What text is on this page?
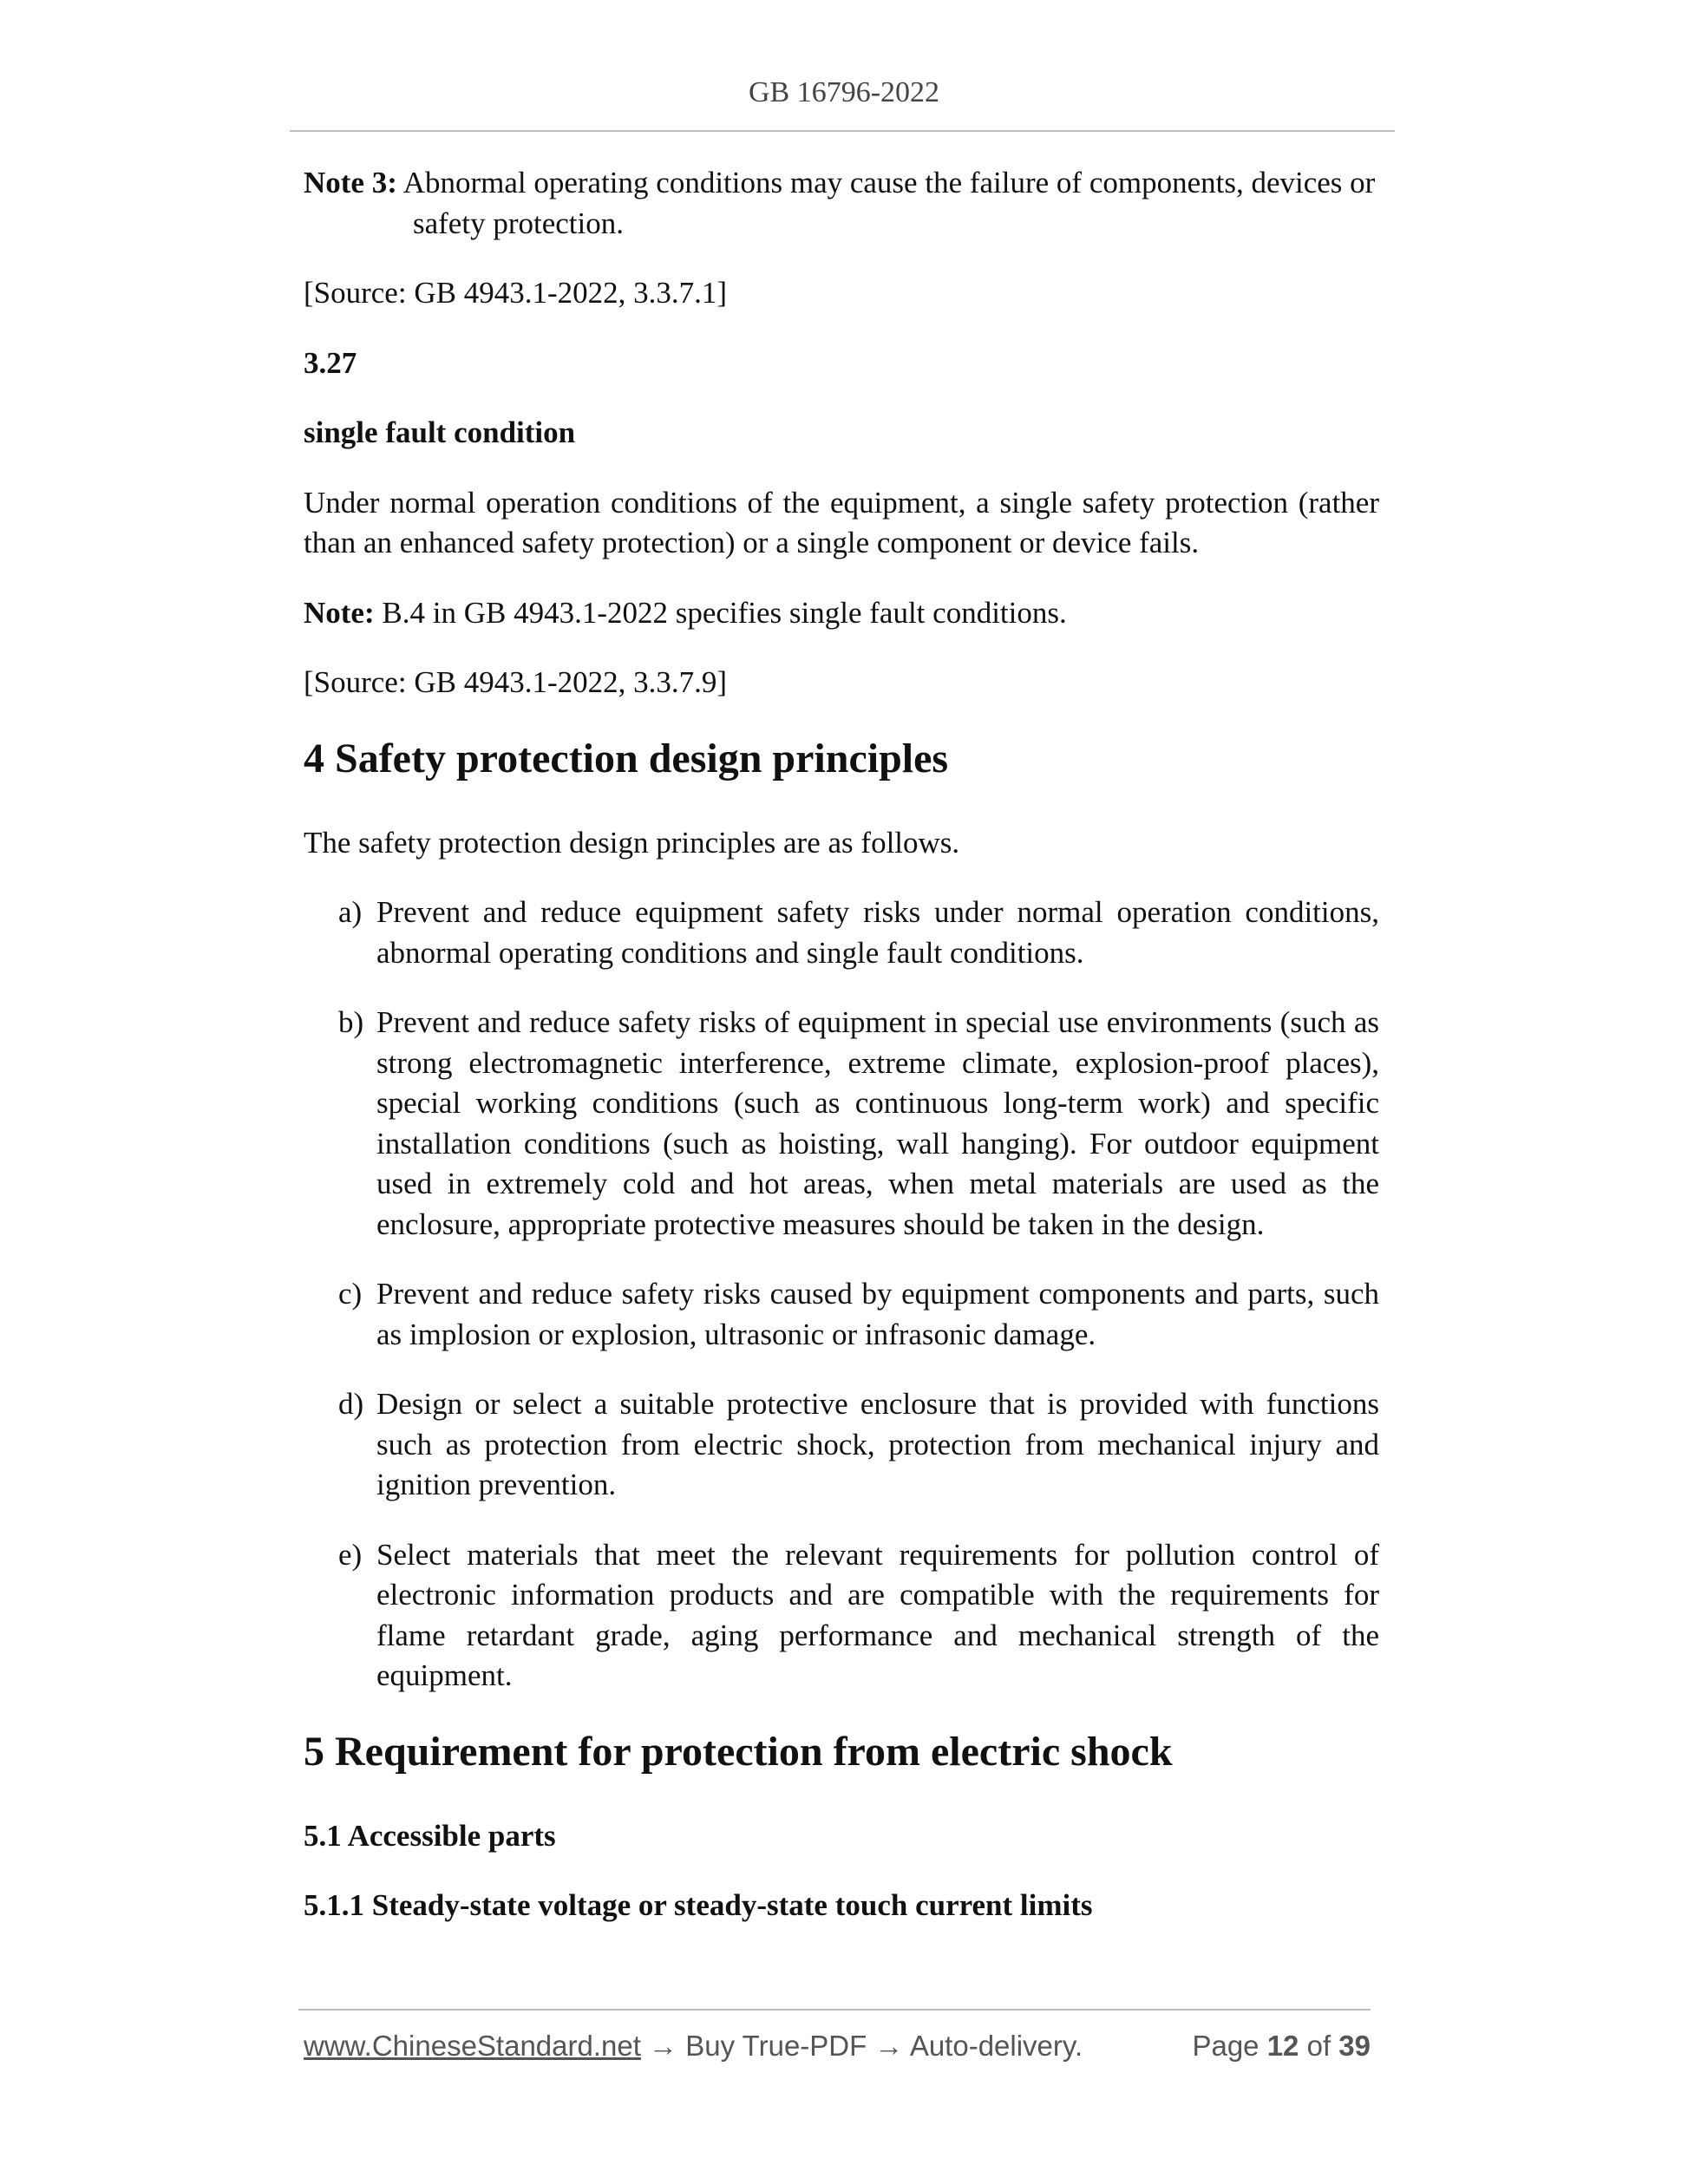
GB 16796-2022

Note 3: Abnormal operating conditions may cause the failure of components, devices or safety protection.

[Source: GB 4943.1-2022, 3.3.7.1]

3.27

single fault condition

Under normal operation conditions of the equipment, a single safety protection (rather than an enhanced safety protection) or a single component or device fails.

Note: B.4 in GB 4943.1-2022 specifies single fault conditions.

[Source: GB 4943.1-2022, 3.3.7.9]

4 Safety protection design principles

The safety protection design principles are as follows.

a) Prevent and reduce equipment safety risks under normal operation conditions, abnormal operating conditions and single fault conditions.
b) Prevent and reduce safety risks of equipment in special use environments (such as strong electromagnetic interference, extreme climate, explosion-proof places), special working conditions (such as continuous long-term work) and specific installation conditions (such as hoisting, wall hanging). For outdoor equipment used in extremely cold and hot areas, when metal materials are used as the enclosure, appropriate protective measures should be taken in the design.
c) Prevent and reduce safety risks caused by equipment components and parts, such as implosion or explosion, ultrasonic or infrasonic damage.
d) Design or select a suitable protective enclosure that is provided with functions such as protection from electric shock, protection from mechanical injury and ignition prevention.
e) Select materials that meet the relevant requirements for pollution control of electronic information products and are compatible with the requirements for flame retardant grade, aging performance and mechanical strength of the equipment.

5 Requirement for protection from electric shock

5.1 Accessible parts

5.1.1 Steady-state voltage or steady-state touch current limits

www.ChineseStandard.net → Buy True-PDF → Auto-delivery.	Page 12 of 39
